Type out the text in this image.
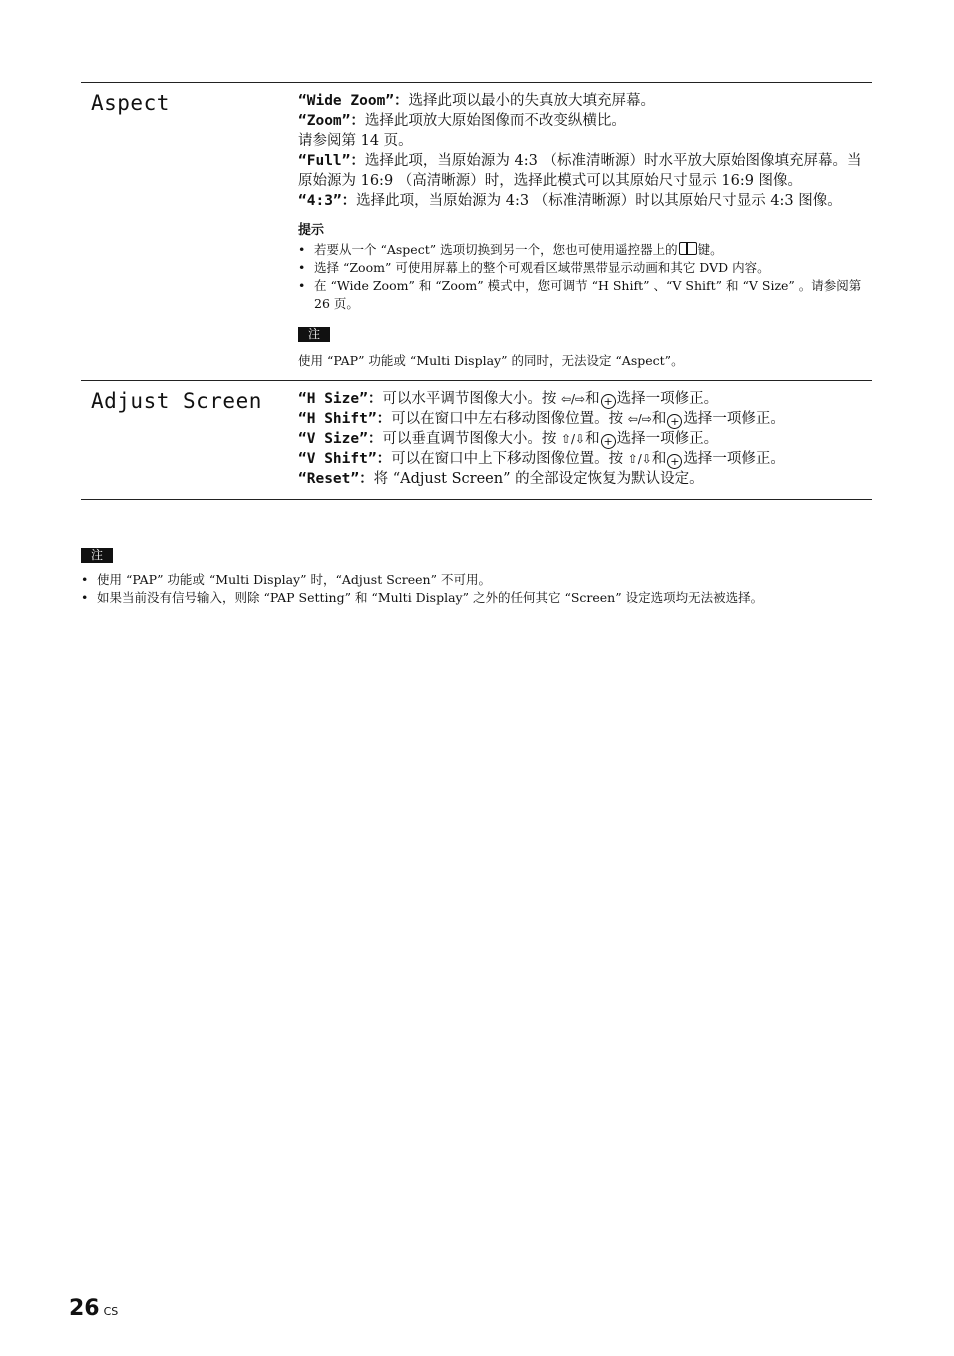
Aspect	“Wide Zoom”：选择此项以最小的失真放大填充屏幕。

“Zoom”：选择此项放大原始图像而不改变纵横比。

请参阅第 14 页。

“Full”：选择此项，当原始源为 4:3 （标准清晰源）时水平放大原始图像填充屏幕。当原始源为 16:9 （高清晰源）时，选择此模式可以其原始尺寸显示 16:9 图像。

“4:3”：选择此项，当原始源为 4:3 （标准清晰源）时以其原始尺寸显示 4:3 图像。

提示
• 若要从一个 “Aspect” 选项切换到另一个，您也可使用遥控器上的 键。
• 选择 “Zoom” 可使用屏幕上的整个可观看区域带黑带显示动画和其它 DVD 内容。
• 在 “Wide Zoom” 和 “Zoom” 模式中，您可调节 “H Shift” 、“V Shift” 和 “V Size” 。请参阅第 26 页。
注
使用 “PAP” 功能或 “Multi Display” 的同时，无法设定 “Aspect”。
Adjust Screen	“H Size”：可以水平调节图像大小。按 ⇦/⇨和 + 选择一项修正。

“H Shift”：可以在窗口中左右移动图像位置。按 ⇦/⇨和 + 选择一项修正。

“V Size”：可以垂直调节图像大小。按 ⇧/⇩和 + 选择一项修正。

“V Shift”：可以在窗口中上下移动图像位置。按 ⇧/⇩和 + 选择一项修正。

“Reset”：将 “Adjust Screen” 的全部设定恢复为默认设定。

注
• 使用 “PAP” 功能或 “Multi Display” 时，“Adjust Screen” 不可用。
• 如果当前没有信号输入，则除 “PAP Setting” 和 “Multi Display” 之外的任何其它 “Screen” 设定选项均无法被选择。
26 CS
